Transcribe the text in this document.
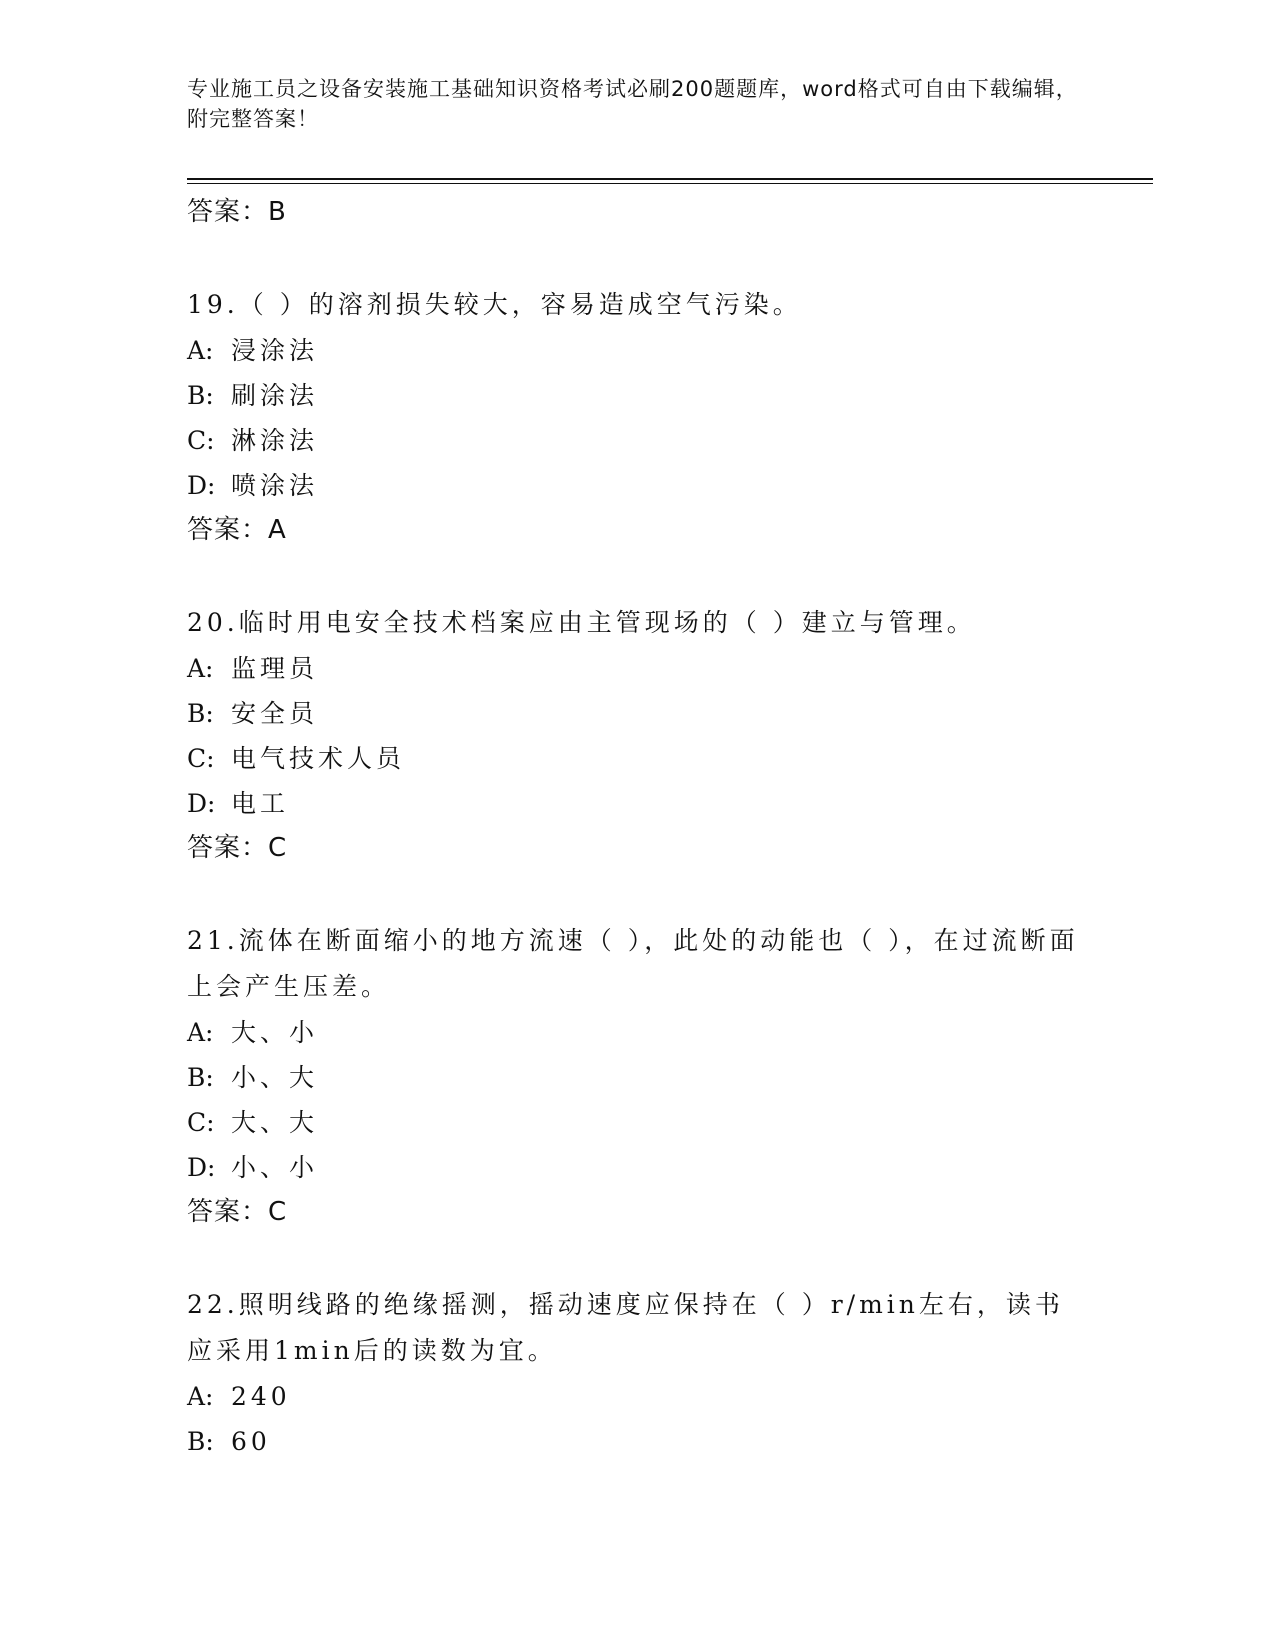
专业施工员之设备安装施工基础知识资格考试必刷200题题库，word格式可自由下载编辑，附完整答案！
答案：B
19.（ ）的溶剂损失较大，容易造成空气污染。
A: 浸涂法
B: 刷涂法
C: 淋涂法
D: 喷涂法
答案：A
20.临时用电安全技术档案应由主管现场的（ ）建立与管理。
A: 监理员
B: 安全员
C: 电气技术人员
D: 电工
答案：C
21.流体在断面缩小的地方流速（ ），此处的动能也（ ），在过流断面上会产生压差。
A: 大、小
B: 小、大
C: 大、大
D: 小、小
答案：C
22.照明线路的绝缘摇测，摇动速度应保持在（ ）r/min左右，读书应采用1min后的读数为宜。
A: 240
B: 60
